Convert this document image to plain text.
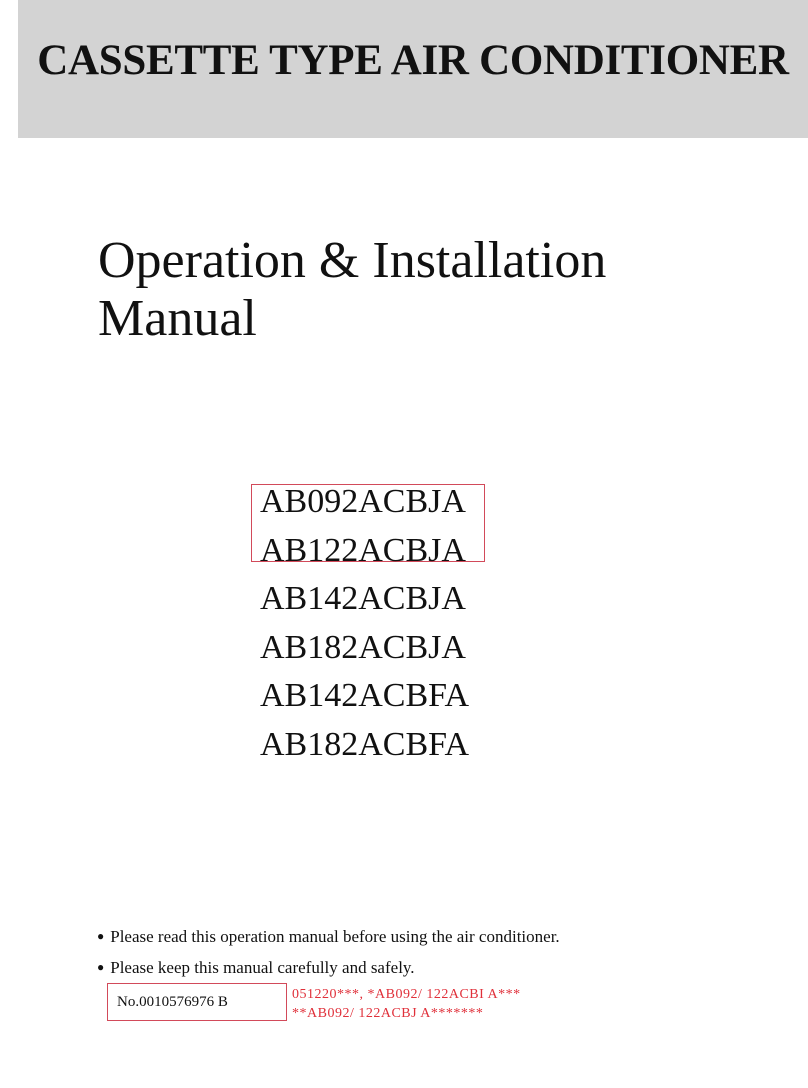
CASSETTE TYPE AIR CONDITIONER
Operation & Installation
Manual
AB092ACBJA
AB122ACBJA
AB142ACBJA
AB182ACBJA
AB142ACBFA
AB182ACBFA
● Please read this operation manual before using the air conditioner.
● Please keep this manual carefully and safely.
No.0010576976 B	051220***, *AB092/ 122ACBI A***
**AB092/ 122ACBJ A*******
